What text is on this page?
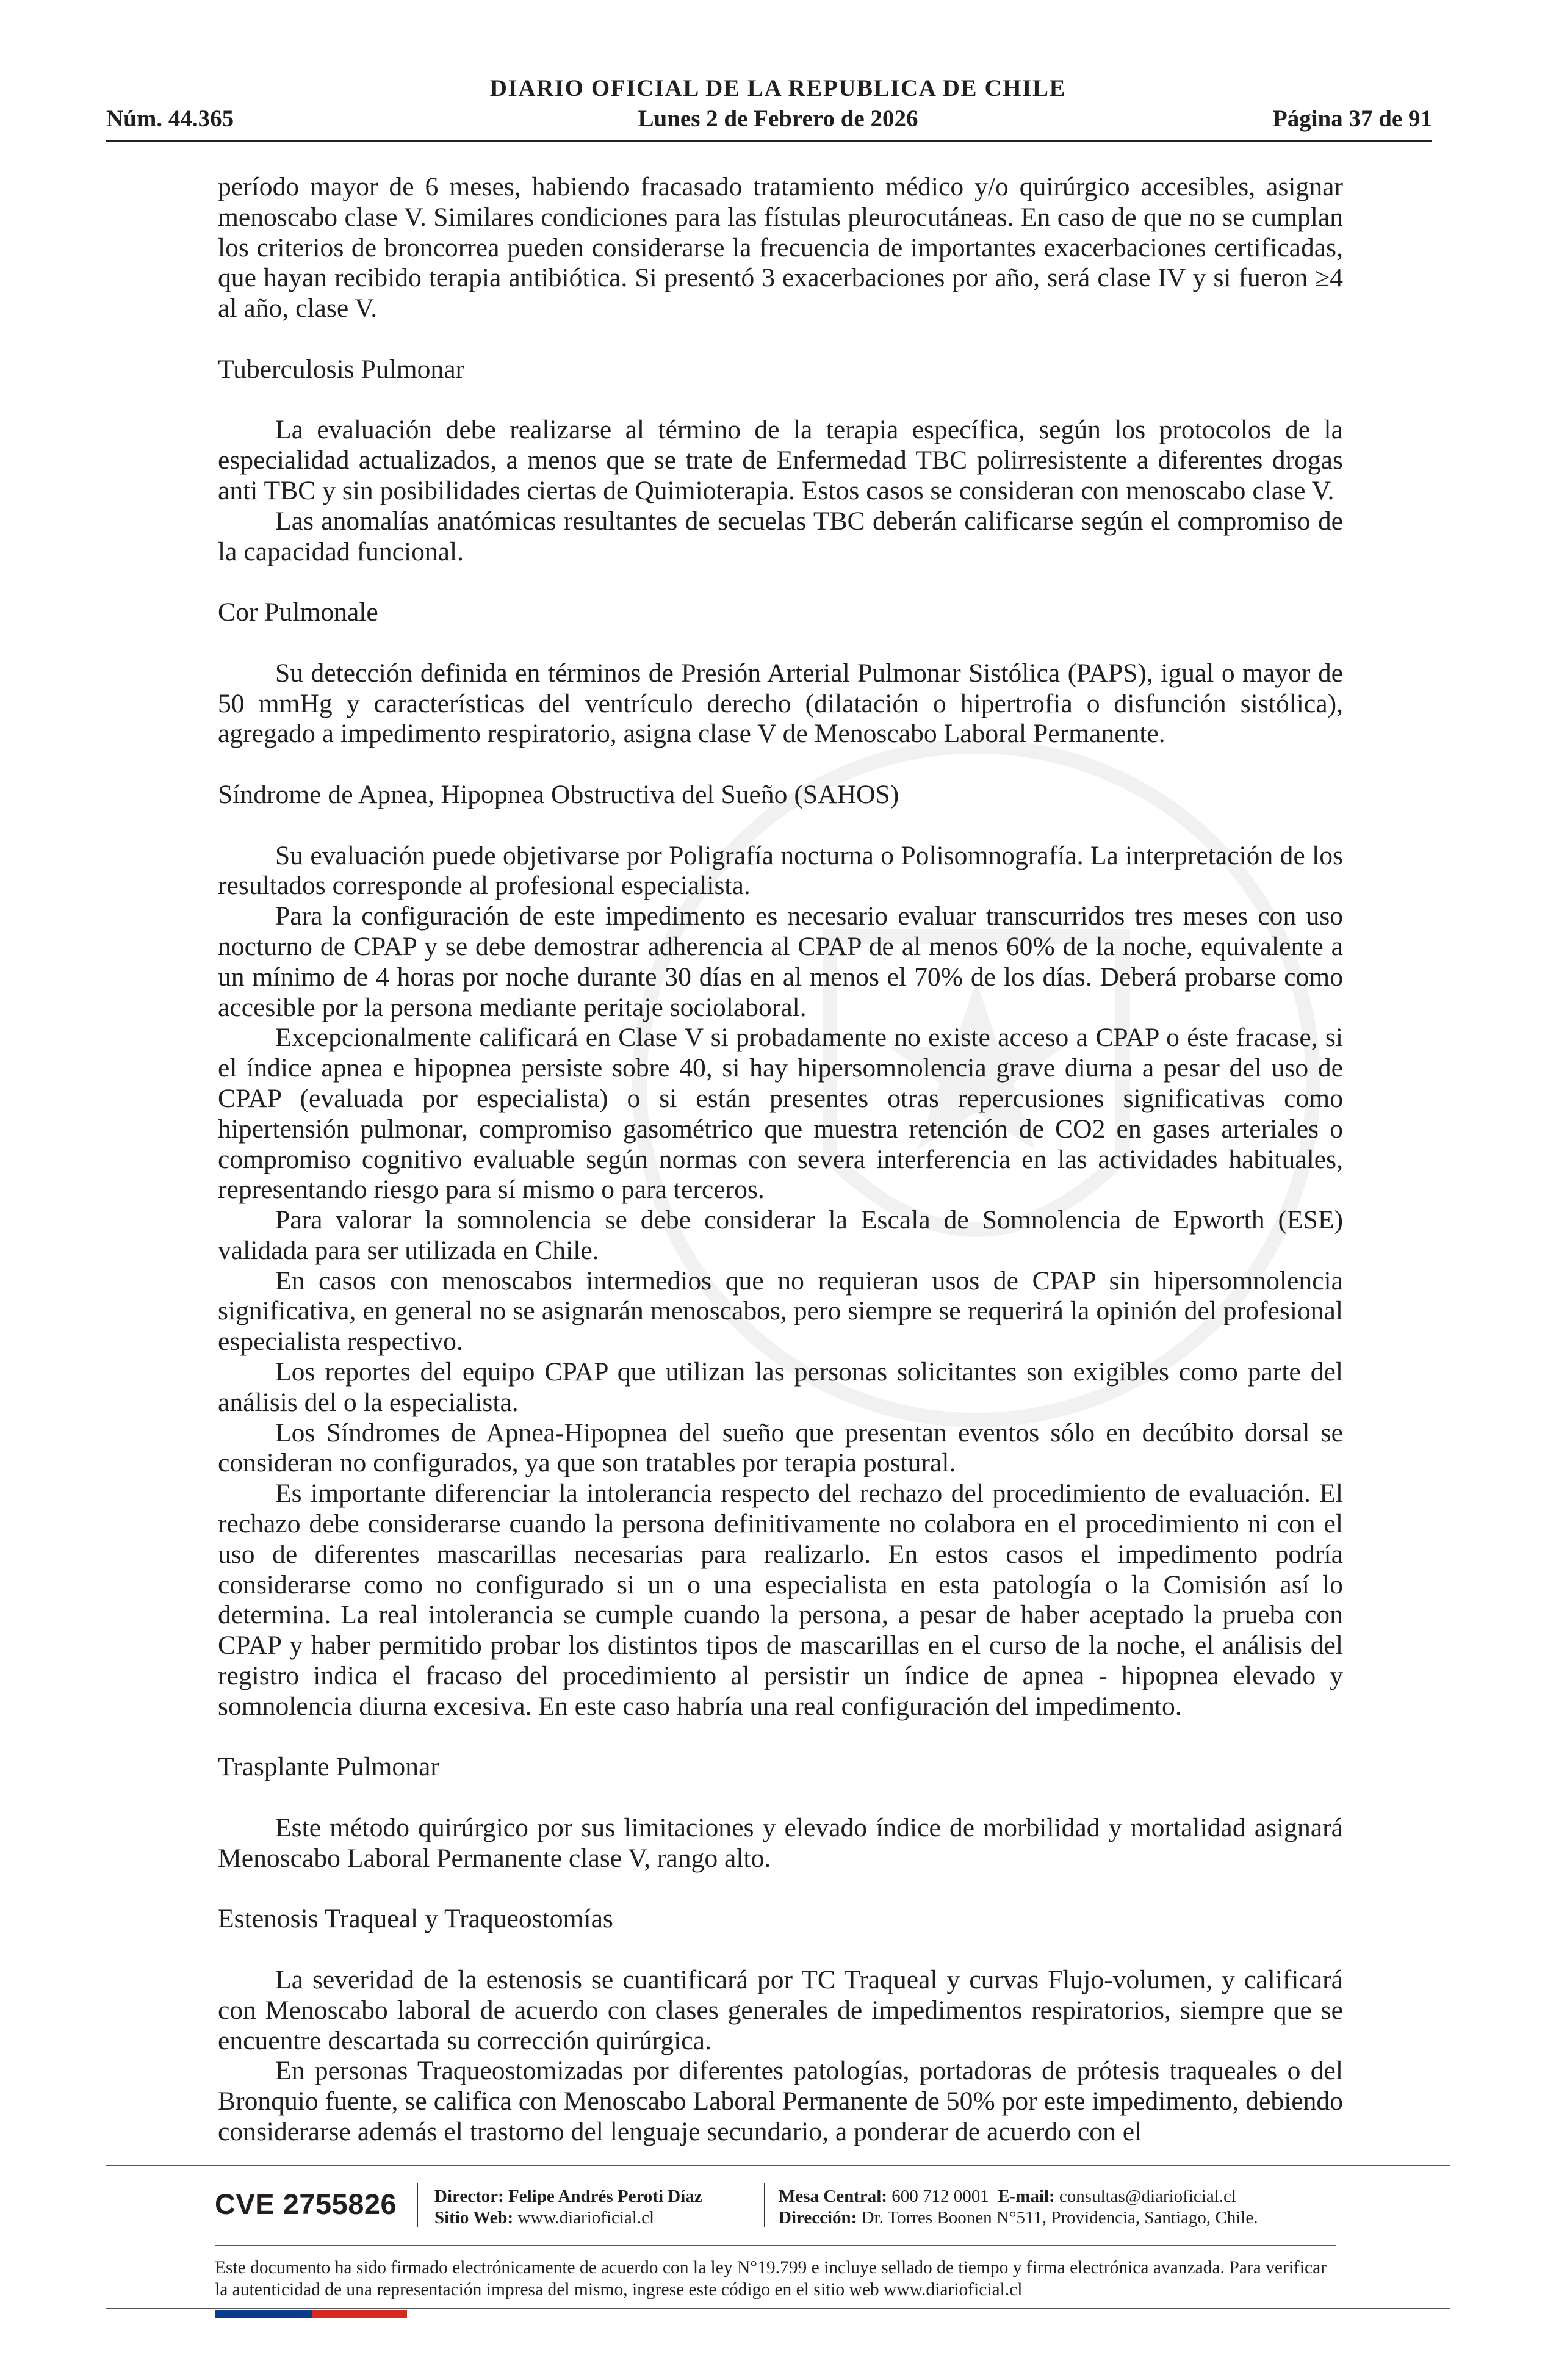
DIARIO OFICIAL DE LA REPUBLICA DE CHILE
Núm. 44.365	Lunes 2 de Febrero de 2026	Página 37 de 91

período mayor de 6 meses, habiendo fracasado tratamiento médico y/o quirúrgico accesibles, asignar menoscabo clase V. Similares condiciones para las fístulas pleurocutáneas. En caso de que no se cumplan los criterios de broncorrea pueden considerarse la frecuencia de importantes exacerbaciones certificadas, que hayan recibido terapia antibiótica. Si presentó 3 exacerbaciones por año, será clase IV y si fueron ≥4 al año, clase V.

Tuberculosis Pulmonar

La evaluación debe realizarse al término de la terapia específica, según los protocolos de la especialidad actualizados, a menos que se trate de Enfermedad TBC polirresistente a diferentes drogas anti TBC y sin posibilidades ciertas de Quimioterapia. Estos casos se consideran con menoscabo clase V.

Las anomalías anatómicas resultantes de secuelas TBC deberán calificarse según el compromiso de la capacidad funcional.

Cor Pulmonale

Su detección definida en términos de Presión Arterial Pulmonar Sistólica (PAPS), igual o mayor de 50 mmHg y características del ventrículo derecho (dilatación o hipertrofia o disfunción sistólica), agregado a impedimento respiratorio, asigna clase V de Menoscabo Laboral Permanente.

Síndrome de Apnea, Hipopnea Obstructiva del Sueño (SAHOS)

Su evaluación puede objetivarse por Poligrafía nocturna o Polisomnografía. La interpretación de los resultados corresponde al profesional especialista.

Para la configuración de este impedimento es necesario evaluar transcurridos tres meses con uso nocturno de CPAP y se debe demostrar adherencia al CPAP de al menos 60% de la noche, equivalente a un mínimo de 4 horas por noche durante 30 días en al menos el 70% de los días. Deberá probarse como accesible por la persona mediante peritaje sociolaboral.

Excepcionalmente calificará en Clase V si probadamente no existe acceso a CPAP o éste fracase, si el índice apnea e hipopnea persiste sobre 40, si hay hipersomnolencia grave diurna a pesar del uso de CPAP (evaluada por especialista) o si están presentes otras repercusiones significativas como hipertensión pulmonar, compromiso gasométrico que muestra retención de CO2 en gases arteriales o compromiso cognitivo evaluable según normas con severa interferencia en las actividades habituales, representando riesgo para sí mismo o para terceros.

Para valorar la somnolencia se debe considerar la Escala de Somnolencia de Epworth (ESE) validada para ser utilizada en Chile.

En casos con menoscabos intermedios que no requieran usos de CPAP sin hipersomnolencia significativa, en general no se asignarán menoscabos, pero siempre se requerirá la opinión del profesional especialista respectivo.

Los reportes del equipo CPAP que utilizan las personas solicitantes son exigibles como parte del análisis del o la especialista.

Los Síndromes de Apnea-Hipopnea del sueño que presentan eventos sólo en decúbito dorsal se consideran no configurados, ya que son tratables por terapia postural.

Es importante diferenciar la intolerancia respecto del rechazo del procedimiento de evaluación. El rechazo debe considerarse cuando la persona definitivamente no colabora en el procedimiento ni con el uso de diferentes mascarillas necesarias para realizarlo. En estos casos el impedimento podría considerarse como no configurado si un o una especialista en esta patología o la Comisión así lo determina. La real intolerancia se cumple cuando la persona, a pesar de haber aceptado la prueba con CPAP y haber permitido probar los distintos tipos de mascarillas en el curso de la noche, el análisis del registro indica el fracaso del procedimiento al persistir un índice de apnea - hipopnea elevado y somnolencia diurna excesiva. En este caso habría una real configuración del impedimento.

Trasplante Pulmonar

Este método quirúrgico por sus limitaciones y elevado índice de morbilidad y mortalidad asignará Menoscabo Laboral Permanente clase V, rango alto.

Estenosis Traqueal y Traqueostomías

La severidad de la estenosis se cuantificará por TC Traqueal y curvas Flujo-volumen, y calificará con Menoscabo laboral de acuerdo con clases generales de impedimentos respiratorios, siempre que se encuentre descartada su corrección quirúrgica.

En personas Traqueostomizadas por diferentes patologías, portadoras de prótesis traqueales o del Bronquio fuente, se califica con Menoscabo Laboral Permanente de 50% por este impedimento, debiendo considerarse además el trastorno del lenguaje secundario, a ponderar de acuerdo con el

CVE 2755826 Director: Felipe Andrés Peroti Díaz
Sitio Web: www.diarioficial.cl
Mesa Central: 600 712 0001 E-mail: consultas@diarioficial.cl
Dirección: Dr. Torres Boonen N°511, Providencia, Santiago, Chile.
Este documento ha sido firmado electrónicamente de acuerdo con la ley N°19.799 e incluye sellado de tiempo y firma electrónica avanzada. Para verificar la autenticidad de una representación impresa del mismo, ingrese este código en el sitio web www.diarioficial.cl
